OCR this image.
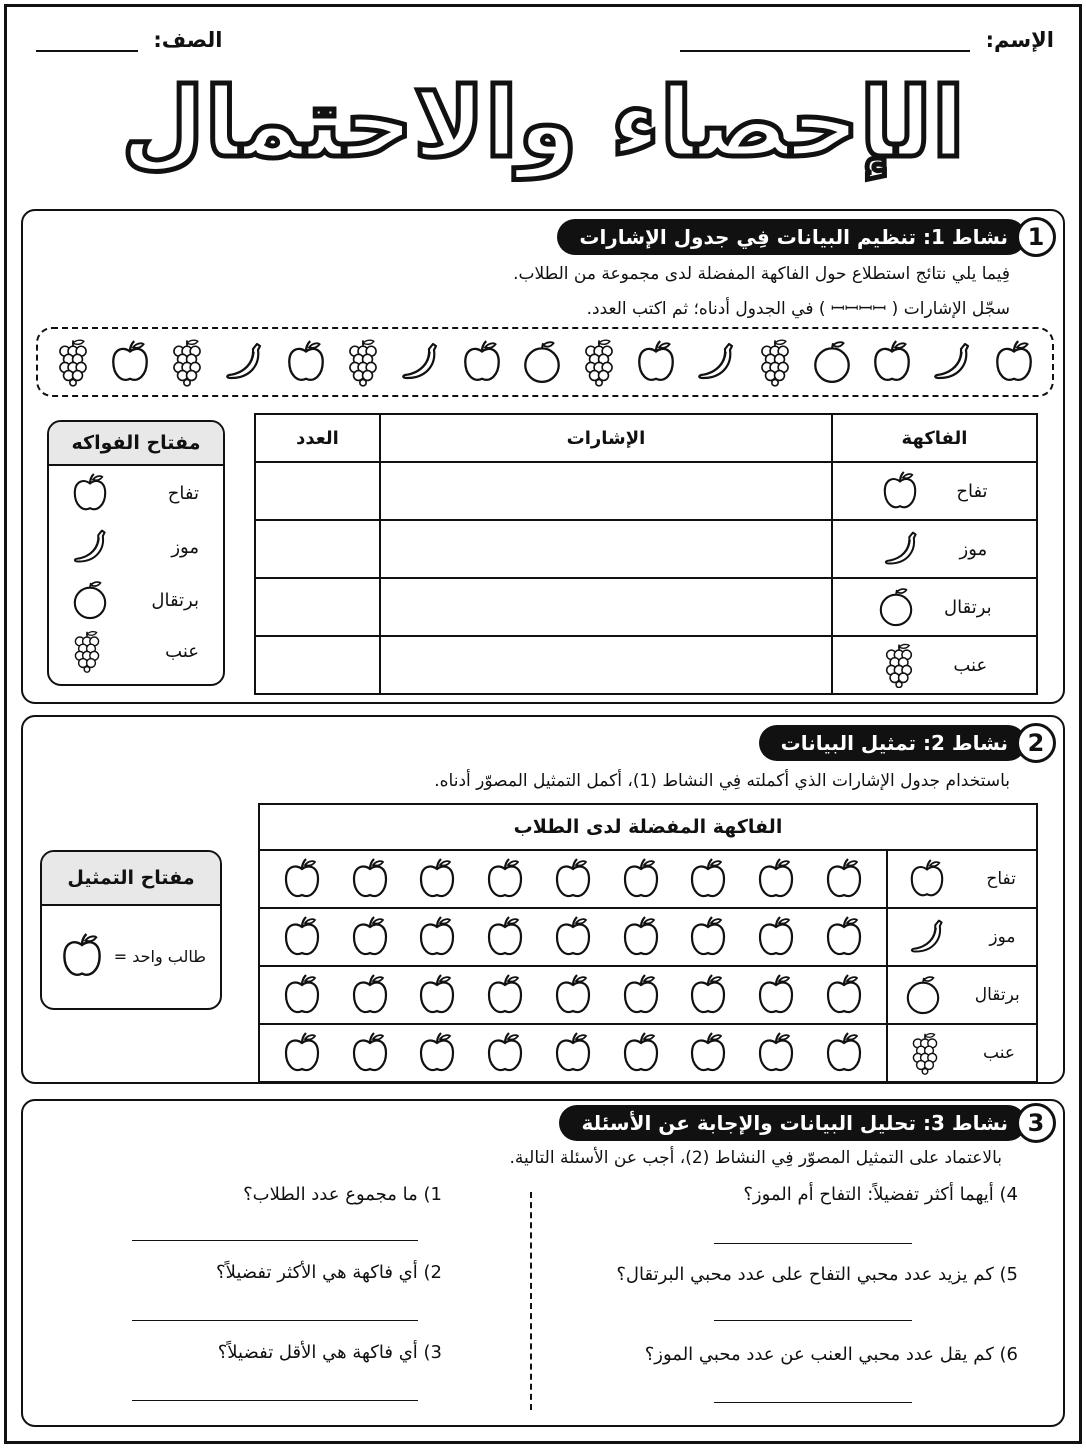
الإسم:
الصف:
الإحصاء والاحتمال
1
نشاط 1: تنظيم البيانات فِي جدول الإشارات
فِيما يلي نتائج استطلاع حول الفاكهة المفضلة لدى مجموعة من الطلاب.
سجّل الإشارات ( ꟷꟷꟷꟷ ) في الجدول أدناه؛ ثم اكتب العدد.
الفاكهة	الإشارات	العدد

تفاح		

موز		

برتقال		

عنب		

مفتاح الفواكه
تفاح
موز
برتقال
عنب
2
نشاط 2: تمثيل البيانات
باستخدام جدول الإشارات الذي أكملته فِي النشاط (1)، أكمل التمثيل المصوّر أدناه.
الفاكهة المفضلة لدى الطلاب	

تفاح

موز

برتقال

عنب

مفتاح التمثيل
طالب واحد =
3
نشاط 3: تحليل البيانات والإجابة عن الأسئلة
بالاعتماد على التمثيل المصوّر فِي النشاط (2)، أجب عن الأسئلة التالية.
1) ما مجموع عدد الطلاب؟
2) أي فاكهة هي الأكثر تفضيلاً؟
3) أي فاكهة هي الأقل تفضيلاً؟
4) أيهما أكثر تفضيلاً: التفاح أم الموز؟
5) كم يزيد عدد محبي التفاح على عدد محبي البرتقال؟
6) كم يقل عدد محبي العنب عن عدد محبي الموز؟
